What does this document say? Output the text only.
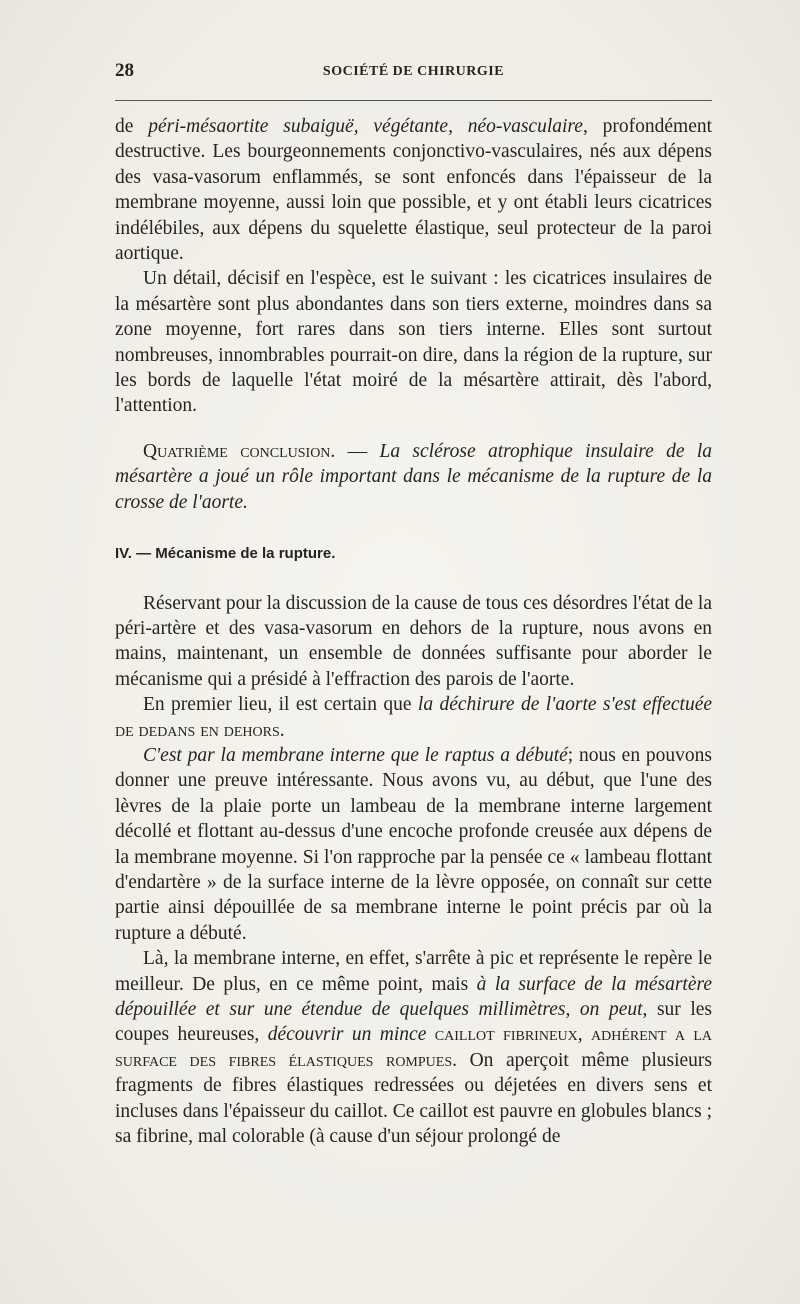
28	SOCIÉTÉ DE CHIRURGIE

de péri-mésaortite subaiguë, végétante, néo-vasculaire, profondément destructive. Les bourgeonnements conjonctivo-vasculaires, nés aux dépens des vasa-vasorum enflammés, se sont enfoncés dans l'épaisseur de la membrane moyenne, aussi loin que possible, et y ont établi leurs cicatrices indélébiles, aux dépens du squelette élastique, seul protecteur de la paroi aortique.

Un détail, décisif en l'espèce, est le suivant : les cicatrices insulaires de la mésartère sont plus abondantes dans son tiers externe, moindres dans sa zone moyenne, fort rares dans son tiers interne. Elles sont surtout nombreuses, innombrables pourrait-on dire, dans la région de la rupture, sur les bords de laquelle l'état moiré de la mésartère attirait, dès l'abord, l'attention.

Quatrième conclusion. — La sclérose atrophique insulaire de la mésartère a joué un rôle important dans le mécanisme de la rupture de la crosse de l'aorte.

IV. — Mécanisme de la rupture.

Réservant pour la discussion de la cause de tous ces désordres l'état de la péri-artère et des vasa-vasorum en dehors de la rupture, nous avons en mains, maintenant, un ensemble de données suffisante pour aborder le mécanisme qui a présidé à l'effraction des parois de l'aorte.

En premier lieu, il est certain que la déchirure de l'aorte s'est effectuée de dedans en dehors.

C'est par la membrane interne que le raptus a débuté; nous en pouvons donner une preuve intéressante. Nous avons vu, au début, que l'une des lèvres de la plaie porte un lambeau de la membrane interne largement décollé et flottant au-dessus d'une encoche profonde creusée aux dépens de la membrane moyenne. Si l'on rapproche par la pensée ce « lambeau flottant d'endartère » de la surface interne de la lèvre opposée, on connaît sur cette partie ainsi dépouillée de sa membrane interne le point précis par où la rupture a débuté.

Là, la membrane interne, en effet, s'arrête à pic et représente le repère le meilleur. De plus, en ce même point, mais à la surface de la mésartère dépouillée et sur une étendue de quelques millimètres, on peut, sur les coupes heureuses, découvrir un mince caillot fibrineux, adhérent a la surface des fibres élastiques rompues. On aperçoit même plusieurs fragments de fibres élastiques redressées ou déjetées en divers sens et incluses dans l'épaisseur du caillot. Ce caillot est pauvre en globules blancs ; sa fibrine, mal colorable (à cause d'un séjour prolongé de
